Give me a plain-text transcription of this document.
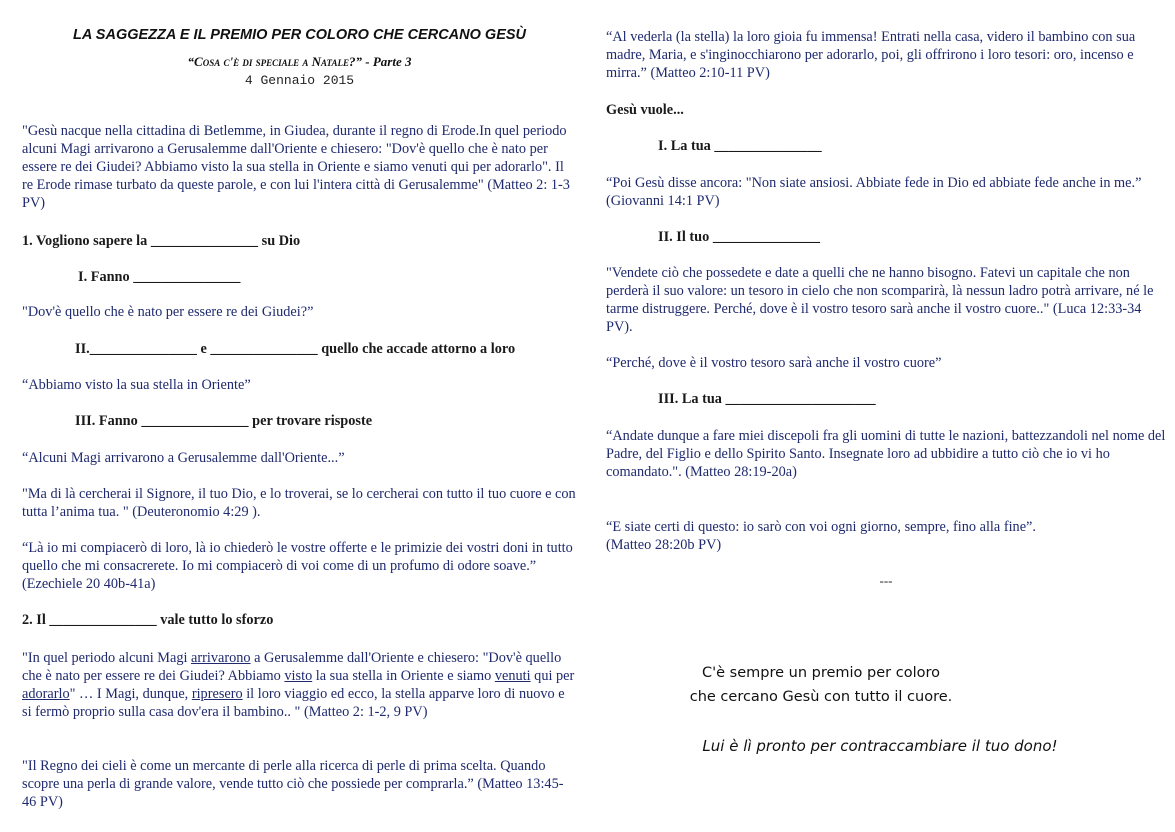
LA SAGGEZZA E IL PREMIO PER COLORO CHE CERCANO GESÙ
“Cosa c'è di speciale a Natale?” - Parte 3
4 Gennaio 2015

"Gesù nacque nella cittadina di Betlemme, in Giudea, durante il regno di Erode.In quel periodo alcuni Magi arrivarono a Gerusalemme dall'Oriente e chiesero: "Dov'è quello che è nato per essere re dei Giudei? Abbiamo visto la sua stella in Oriente e siamo venuti qui per adorarlo". Il re Erode rimase turbato da queste parole, e con lui l'intera città di Gerusalemme" (Matteo 2: 1-3 PV)

1. Vogliono sapere la _______________ su Dio

I. Fanno _______________

"Dov'è quello che è nato per essere re dei Giudei?”

II._______________ e _______________ quello che accade attorno a loro

“Abbiamo visto la sua stella in Oriente”

III. Fanno _______________ per trovare risposte

“Alcuni Magi arrivarono a Gerusalemme dall'Oriente...”

"Ma di là cercherai il Signore, il tuo Dio, e lo troverai, se lo cercherai con tutto il tuo cuore e con tutta l’anima tua. " (Deuteronomio 4:29 ).

“Là io mi compiacerò di loro, là io chiederò le vostre offerte e le primizie dei vostri doni in tutto quello che mi consacrerete. Io mi compiacerò di voi come di un profumo di odore soave.” (Ezechiele 20 40b-41a)

2. Il _______________ vale tutto lo sforzo

"In quel periodo alcuni Magi arrivarono a Gerusalemme dall'Oriente e chiesero: "Dov'è quello che è nato per essere re dei Giudei? Abbiamo visto la sua stella in Oriente e siamo venuti qui per adorarlo" … I Magi, dunque, ripresero il loro viaggio ed ecco, la stella apparve loro di nuovo e si fermò proprio sulla casa dov'era il bambino.. " (Matteo 2: 1-2, 9 PV)

"Il Regno dei cieli è come un mercante di perle alla ricerca di perle di prima scelta. Quando scopre una perla di grande valore, vende tutto ciò che possiede per comprarla.” (Matteo 13:45-46 PV)

“Al vederla (la stella) la loro gioia fu immensa! Entrati nella casa, videro il bambino con sua madre, Maria, e s'inginocchiarono per adorarlo, poi, gli offrirono i loro tesori: oro, incenso e mirra.” (Matteo 2:10-11 PV)

Gesù vuole...

I. La tua _______________

“Poi Gesù disse ancora: "Non siate ansiosi. Abbiate fede in Dio ed abbiate fede anche in me.” (Giovanni 14:1 PV)

II. Il tuo _______________

"Vendete ciò che possedete e date a quelli che ne hanno bisogno. Fatevi un capitale che non perderà il suo valore: un tesoro in cielo che non scomparirà, là nessun ladro potrà arrivare, né le tarme distruggere. Perché, dove è il vostro tesoro sarà anche il vostro cuore.." (Luca 12:33-34 PV).

“Perché, dove è il vostro tesoro sarà anche il vostro cuore”

III. La tua _____________________

“Andate dunque a fare miei discepoli fra gli uomini di tutte le nazioni, battezzandoli nel nome del Padre, del Figlio e dello Spirito Santo. Insegnate loro ad ubbidire a tutto ciò che io vi ho comandato.". (Matteo 28:19-20a)

“E siate certi di questo: io sarò con voi ogni giorno, sempre, fino alla fine”.

(Matteo 28:20b PV)

---

C'è sempre un premio per coloro

che cercano Gesù con tutto il cuore.

Lui è lì pronto per contraccambiare il tuo dono!
